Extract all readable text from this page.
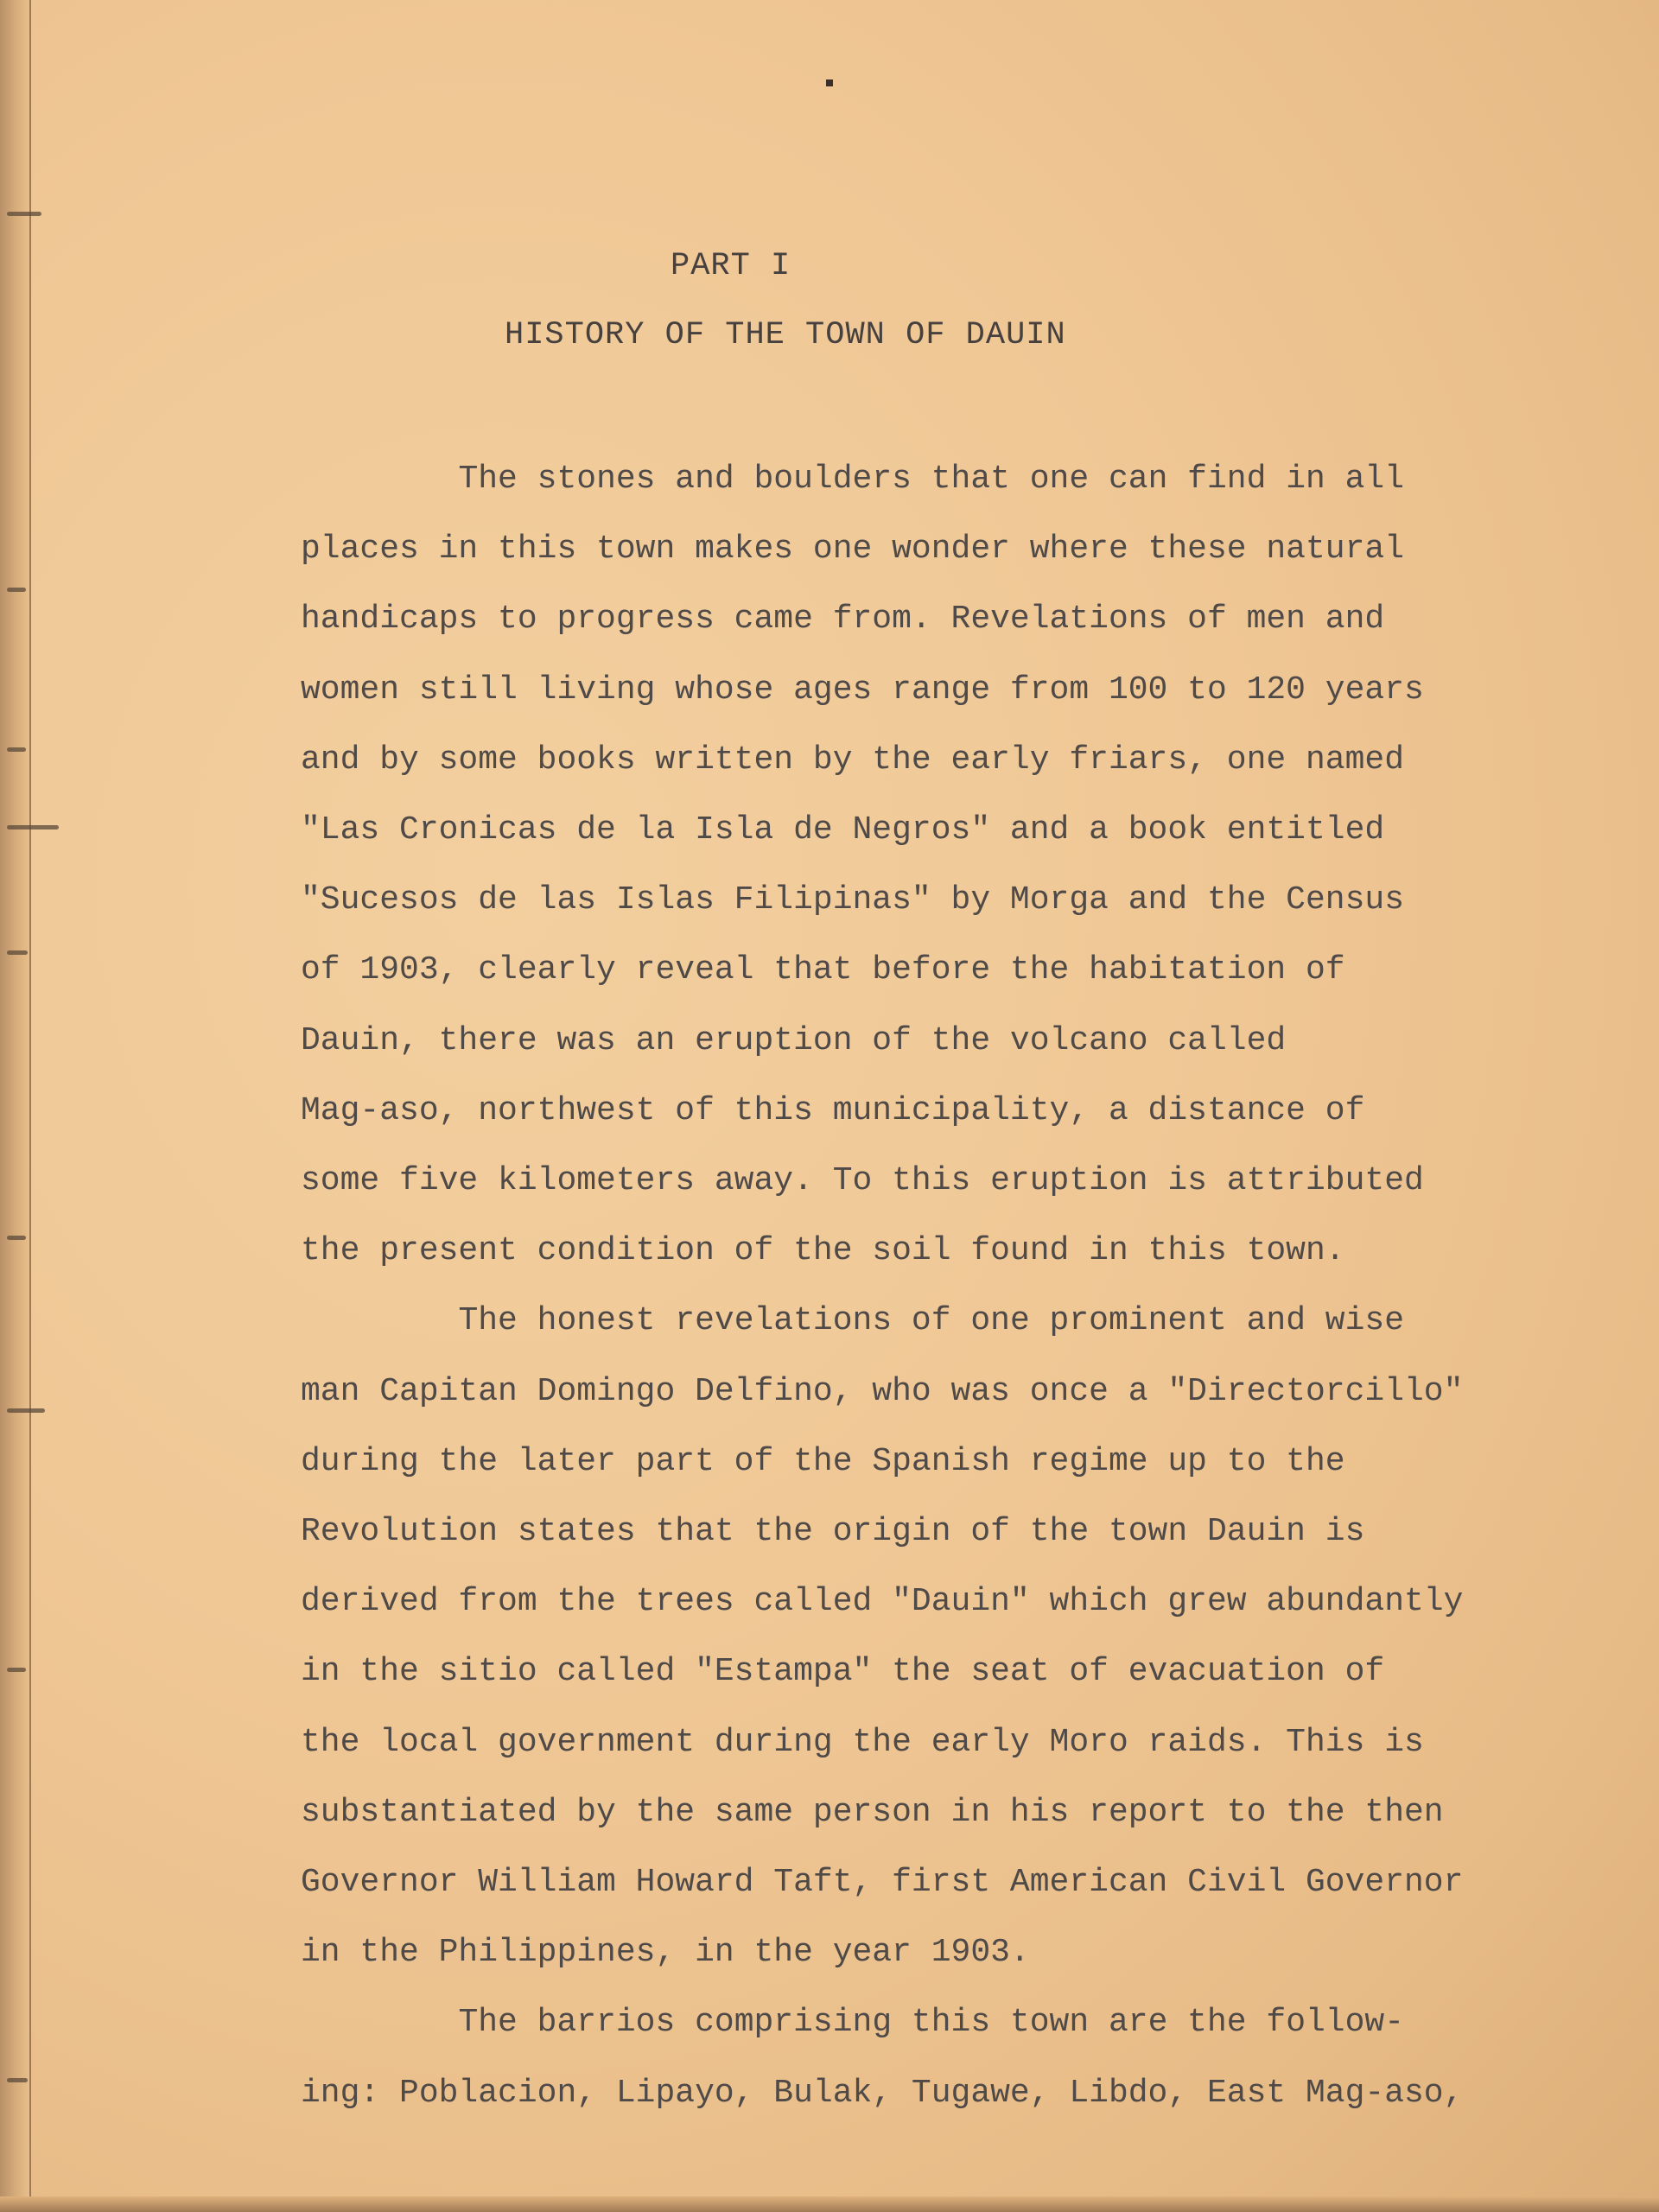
PART I
HISTORY OF THE TOWN OF DAUIN
The stones and boulders that one can find in all
places in this town makes one wonder where these natural
handicaps to progress came from. Revelations of men and
women still living whose ages range from 100 to 120 years
and by some books written by the early friars, one named
"Las Cronicas de la Isla de Negros" and a book entitled
"Sucesos de las Islas Filipinas" by Morga and the Census
of 1903, clearly reveal that before the habitation of
Dauin, there was an eruption of the volcano called
Mag-aso, northwest of this municipality, a distance of
some five kilometers away. To this eruption is attributed
the present condition of the soil found in this town.
The honest revelations of one prominent and wise
man Capitan Domingo Delfino, who was once a "Directorcillo"
during the later part of the Spanish regime up to the
Revolution states that the origin of the town Dauin is
derived from the trees called "Dauin" which grew abundantly
in the sitio called "Estampa" the seat of evacuation of
the local government during the early Moro raids. This is
substantiated by the same person in his report to the then
Governor William Howard Taft, first American Civil Governor
in the Philippines, in the year 1903.
The barrios comprising this town are the follow-
ing: Poblacion, Lipayo, Bulak, Tugawe, Libdo, East Mag-aso,
